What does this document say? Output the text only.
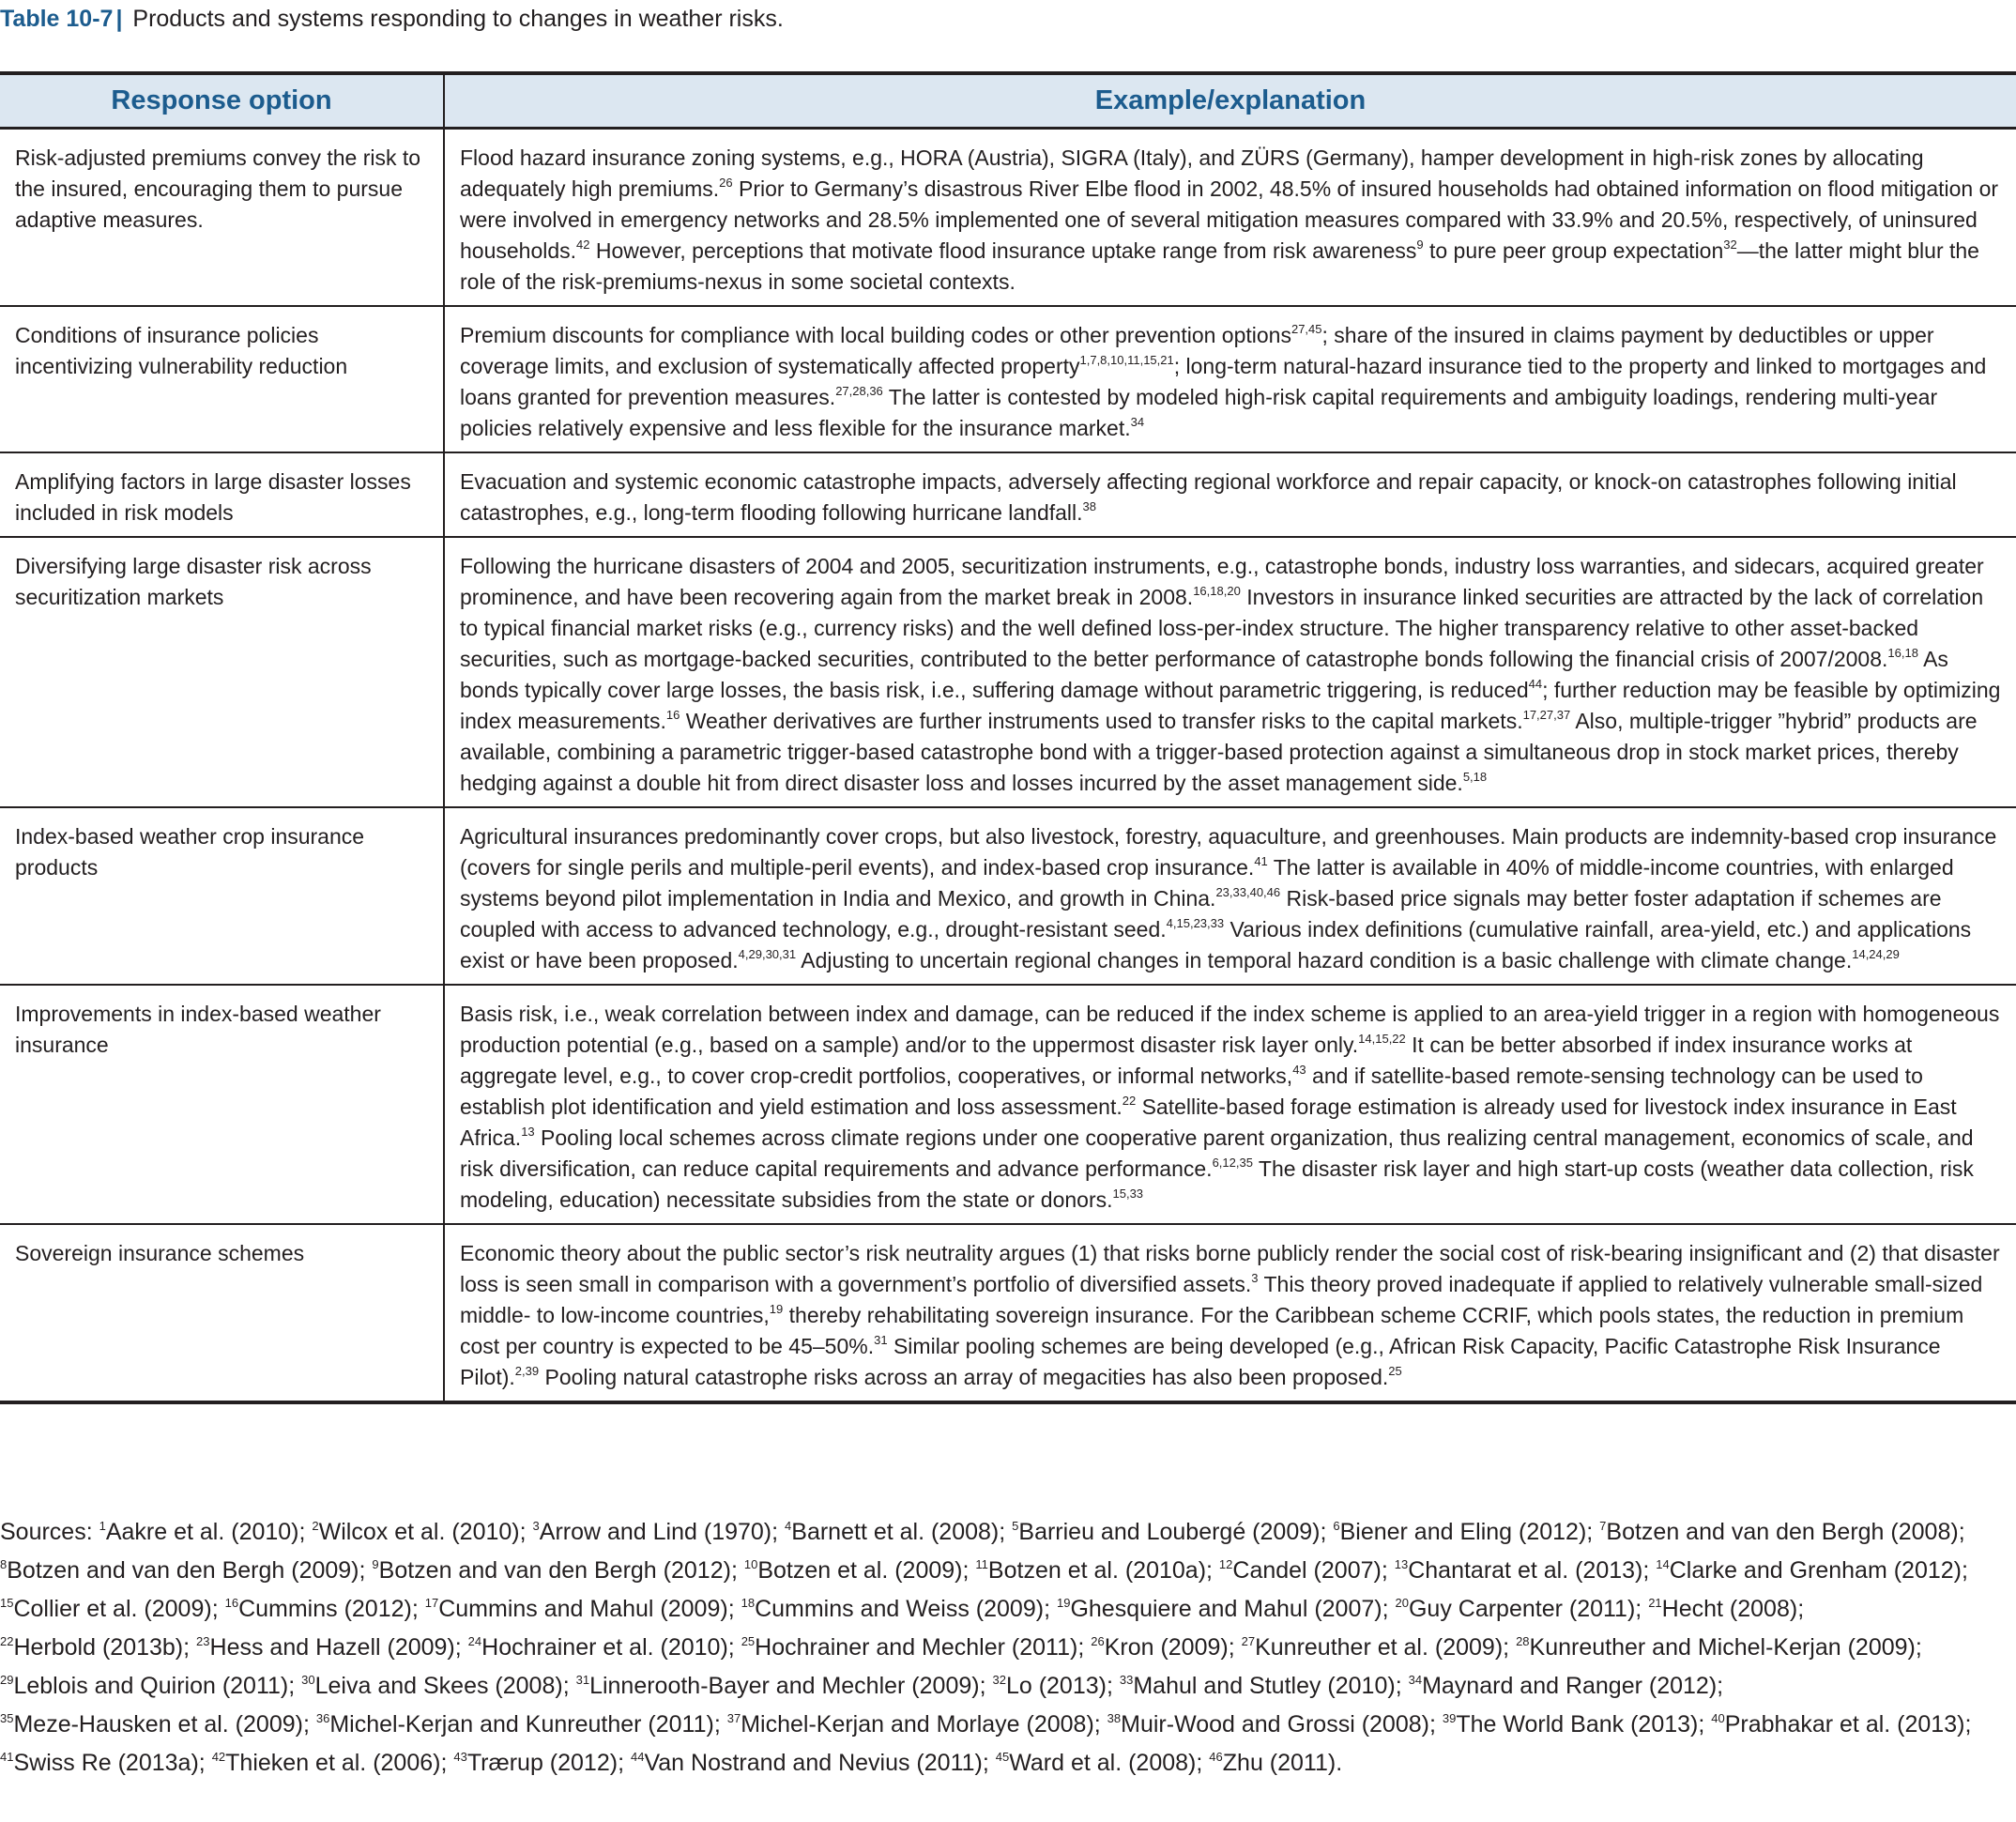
Table 10-7 | Products and systems responding to changes in weather risks.
Response option	Example/explanation
Risk-adjusted premiums convey the risk to the insured, encouraging them to pursue adaptive measures.	Flood hazard insurance zoning systems, e.g., HORA (Austria), SIGRA (Italy), and ZÜRS (Germany), hamper development in high-risk zones by allocating adequately high premiums.$^{26}$ Prior to Germany’s disastrous River Elbe flood in 2002, 48.5% of insured households had obtained information on flood mitigation or were involved in emergency networks and 28.5% implemented one of several mitigation measures compared with 33.9% and 20.5%, respectively, of uninsured households.$^{42}$ However, perceptions that motivate flood insurance uptake range from risk awareness$^9$ to pure peer group expectation$^{32}$—the latter might blur the role of the risk-premiums-nexus in some societal contexts.
Conditions of insurance policies incentivizing vulnerability reduction	Premium discounts for compliance with local building codes or other prevention options$^{27,45}$; share of the insured in claims payment by deductibles or upper coverage limits, and exclusion of systematically affected property$^{1,7,8,10,11,15,21}$; long-term natural-hazard insurance tied to the property and linked to mortgages and loans granted for prevention measures.$^{27,28,36}$ The latter is contested by modeled high-risk capital requirements and ambiguity loadings, rendering multi-year policies relatively expensive and less flexible for the insurance market.$^{34}$
Amplifying factors in large disaster losses included in risk models	Evacuation and systemic economic catastrophe impacts, adversely affecting regional workforce and repair capacity, or knock-on catastrophes following initial catastrophes, e.g., long-term flooding following hurricane landfall.$^{38}$
Diversifying large disaster risk across securitization markets	Following the hurricane disasters of 2004 and 2005, securitization instruments, e.g., catastrophe bonds, industry loss warranties, and sidecars, acquired greater prominence, and have been recovering again from the market break in 2008.$^{16,18,20}$ Investors in insurance linked securities are attracted by the lack of correlation to typical financial market risks (e.g., currency risks) and the well defined loss-per-index structure. The higher transparency relative to other asset-backed securities, such as mortgage-backed securities, contributed to the better performance of catastrophe bonds following the financial crisis of 2007/2008.$^{16,18}$ As bonds typically cover large losses, the basis risk, i.e., suffering damage without parametric triggering, is reduced$^{44}$; further reduction may be feasible by optimizing index measurements.$^{16}$ Weather derivatives are further instruments used to transfer risks to the capital markets.$^{17,27,37}$ Also, multiple-trigger ”hybrid” products are available, combining a parametric trigger-based catastrophe bond with a trigger-based protection against a simultaneous drop in stock market prices, thereby hedging against a double hit from direct disaster loss and losses incurred by the asset management side.$^{5,18}$
Index-based weather crop insurance products	Agricultural insurances predominantly cover crops, but also livestock, forestry, aquaculture, and greenhouses. Main products are indemnity-based crop insurance (covers for single perils and multiple-peril events), and index-based crop insurance.$^{41}$ The latter is available in 40% of middle-income countries, with enlarged systems beyond pilot implementation in India and Mexico, and growth in China.$^{23,33,40,46}$ Risk-based price signals may better foster adaptation if schemes are coupled with access to advanced technology, e.g., drought-resistant seed.$^{4,15,23,33}$ Various index definitions (cumulative rainfall, area-yield, etc.) and applications exist or have been proposed.$^{4,29,30,31}$ Adjusting to uncertain regional changes in temporal hazard condition is a basic challenge with climate change.$^{14,24,29}$
Improvements in index-based weather insurance	Basis risk, i.e., weak correlation between index and damage, can be reduced if the index scheme is applied to an area-yield trigger in a region with homogeneous production potential (e.g., based on a sample) and/or to the uppermost disaster risk layer only.$^{14,15,22}$ It can be better absorbed if index insurance works at aggregate level, e.g., to cover crop-credit portfolios, cooperatives, or informal networks,$^{43}$ and if satellite-based remote-sensing technology can be used to establish plot identification and yield estimation and loss assessment.$^{22}$ Satellite-based forage estimation is already used for livestock index insurance in East Africa.$^{13}$ Pooling local schemes across climate regions under one cooperative parent organization, thus realizing central management, economics of scale, and risk diversification, can reduce capital requirements and advance performance.$^{6,12,35}$ The disaster risk layer and high start-up costs (weather data collection, risk modeling, education) necessitate subsidies from the state or donors.$^{15,33}$
Sovereign insurance schemes	Economic theory about the public sector’s risk neutrality argues (1) that risks borne publicly render the social cost of risk-bearing insignificant and (2) that disaster loss is seen small in comparison with a government’s portfolio of diversified assets.$^3$ This theory proved inadequate if applied to relatively vulnerable small-sized middle- to low-income countries,$^{19}$ thereby rehabilitating sovereign insurance. For the Caribbean scheme CCRIF, which pools states, the reduction in premium cost per country is expected to be 45–50%.$^{31}$ Similar pooling schemes are being developed (e.g., African Risk Capacity, Pacific Catastrophe Risk Insurance Pilot).$^{2,39}$ Pooling natural catastrophe risks across an array of megacities has also been proposed.$^{25}$
Sources: $^1$Aakre et al. (2010); $^2$Wilcox et al. (2010); $^3$Arrow and Lind (1970); $^4$Barnett et al. (2008); $^5$Barrieu and Loubergé (2009); $^6$Biener and Eling (2012); $^7$Botzen and van den Bergh (2008); $^8$Botzen and van den Bergh (2009); $^9$Botzen and van den Bergh (2012); $^{10}$Botzen et al. (2009); $^{11}$Botzen et al. (2010a); $^{12}$Candel (2007); $^{13}$Chantarat et al. (2013); $^{14}$Clarke and Grenham (2012); $^{15}$Collier et al. (2009); $^{16}$Cummins (2012); $^{17}$Cummins and Mahul (2009); $^{18}$Cummins and Weiss (2009); $^{19}$Ghesquiere and Mahul (2007); $^{20}$Guy Carpenter (2011); $^{21}$Hecht (2008); $^{22}$Herbold (2013b); $^{23}$Hess and Hazell (2009); $^{24}$Hochrainer et al. (2010); $^{25}$Hochrainer and Mechler (2011); $^{26}$Kron (2009); $^{27}$Kunreuther et al. (2009); $^{28}$Kunreuther and Michel-Kerjan (2009); $^{29}$Leblois and Quirion (2011); $^{30}$Leiva and Skees (2008); $^{31}$Linnerooth-Bayer and Mechler (2009); $^{32}$Lo (2013); $^{33}$Mahul and Stutley (2010); $^{34}$Maynard and Ranger (2012); $^{35}$Meze-Hausken et al. (2009); $^{36}$Michel-Kerjan and Kunreuther (2011); $^{37}$Michel-Kerjan and Morlaye (2008); $^{38}$Muir-Wood and Grossi (2008); $^{39}$The World Bank (2013); $^{40}$Prabhakar et al. (2013); $^{41}$Swiss Re (2013a); $^{42}$Thieken et al. (2006); $^{43}$Trærup (2012); $^{44}$Van Nostrand and Nevius (2011); $^{45}$Ward et al. (2008); $^{46}$Zhu (2011).
